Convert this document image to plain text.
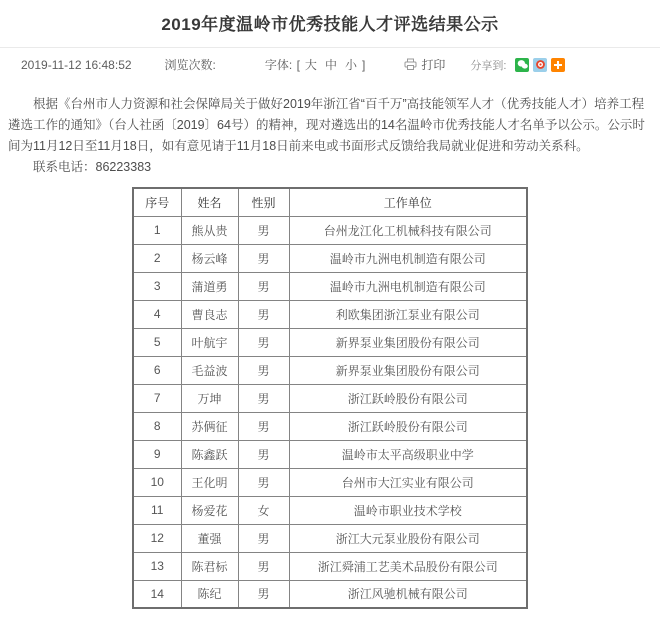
2019年度温岭市优秀技能人才评选结果公示
2019-11-12 16:48:52	浏览次数:	字体: [ 大 中 小 ]	打印 分享到:

根据《台州市人力资源和社会保障局关于做好2019年浙江省“百千万”高技能领军人才（优秀技能人才）培养工程遴选工作的通知》（台人社函〔2019〕64号）的精神，现对遴选出的14名温岭市优秀技能人才名单予以公示。公示时间为11月12日至11月18日，如有意见请于11月18日前来电或书面形式反馈给我局就业促进和劳动关系科。

联系电话：86223383

序号	姓名	性别	工作单位
1	熊从贵	男	台州龙江化工机械科技有限公司
2	杨云峰	男	温岭市九洲电机制造有限公司
3	蒲道勇	男	温岭市九洲电机制造有限公司
4	曹良志	男	利欧集团浙江泵业有限公司
5	叶航宇	男	新界泵业集团股份有限公司
6	毛益波	男	新界泵业集团股份有限公司
7	万坤	男	浙江跃岭股份有限公司
8	苏俩征	男	浙江跃岭股份有限公司
9	陈鑫跃	男	温岭市太平高级职业中学
10	王化明	男	台州市大江实业有限公司
11	杨爱花	女	温岭市职业技术学校
12	董强	男	浙江大元泵业股份有限公司
13	陈君标	男	浙江舜浦工艺美术品股份有限公司
14	陈纪	男	浙江风驰机械有限公司
